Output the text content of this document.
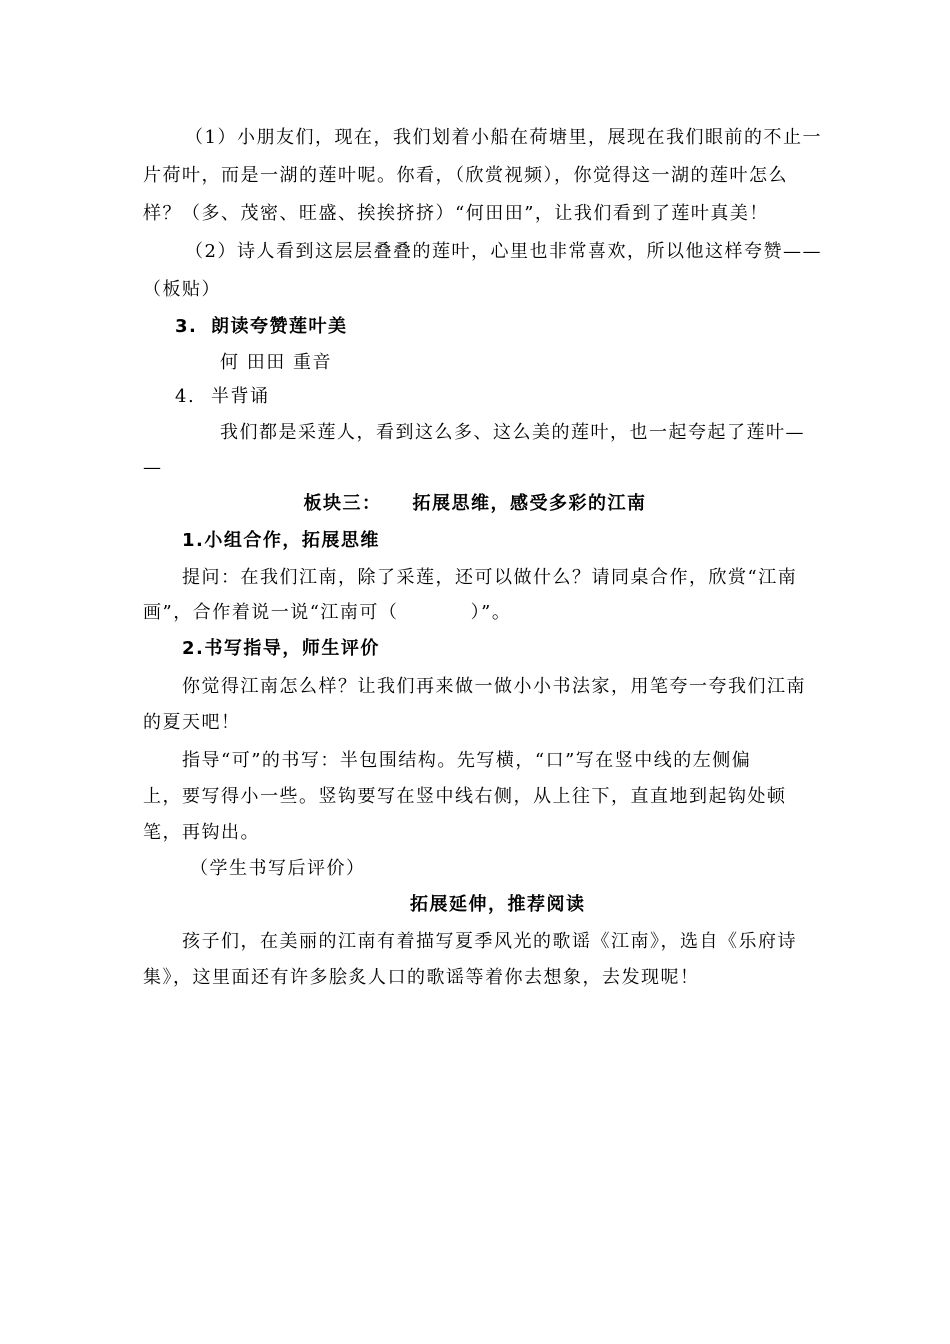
（1）小朋友们，现在，我们划着小船在荷塘里，展现在我们眼前的不止一
片荷叶，而是一湖的莲叶呢。你看，（欣赏视频），你觉得这一湖的莲叶怎么
样？（多、茂密、旺盛、挨挨挤挤）“何田田”，让我们看到了莲叶真美！
（2）诗人看到这层层叠叠的莲叶，心里也非常喜欢，所以他这样夸赞——
（板贴）
3. 朗读夸赞莲叶美
何 田田 重音
4. 半背诵
我们都是采莲人，看到这么多、这么美的莲叶，也一起夸起了莲叶—
—
板块三：    拓展思维，感受多彩的江南
1.小组合作，拓展思维
提问：在我们江南，除了采莲，还可以做什么？请同桌合作，欣赏“江南
画”，合作着说一说“江南可（          ）”。
2.书写指导，师生评价
你觉得江南怎么样？让我们再来做一做小小书法家，用笔夸一夸我们江南
的夏天吧！
指导“可”的书写：半包围结构。先写横，“口”写在竖中线的左侧偏
上，要写得小一些。竖钩要写在竖中线右侧，从上往下，直直地到起钩处顿
笔，再钩出。
（学生书写后评价）
拓展延伸，推荐阅读
孩子们，在美丽的江南有着描写夏季风光的歌谣《江南》，选自《乐府诗
集》，这里面还有许多脍炙人口的歌谣等着你去想象，去发现呢！
